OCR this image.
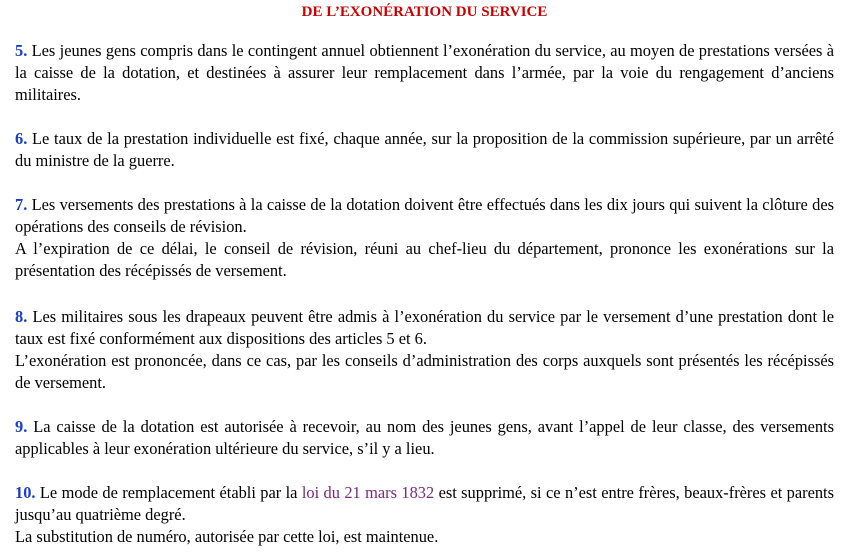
DE L’EXONÉRATION DU SERVICE

5. Les jeunes gens compris dans le contingent annuel obtiennent l’exonération du service, au moyen de prestations versées à la caisse de la dotation, et destinées à assurer leur remplacement dans l’armée, par la voie du rengagement d’anciens militaires.

6. Le taux de la prestation individuelle est fixé, chaque année, sur la proposition de la commission supérieure, par un arrêté du ministre de la guerre.

7. Les versements des prestations à la caisse de la dotation doivent être effectués dans les dix jours qui suivent la clôture des opérations des conseils de révision.

A l’expiration de ce délai, le conseil de révision, réuni au chef-lieu du département, prononce les exonérations sur la présentation des récépissés de versement.

8. Les militaires sous les drapeaux peuvent être admis à l’exonération du service par le versement d’une prestation dont le taux est fixé conformément aux dispositions des articles 5 et 6.

L’exonération est prononcée, dans ce cas, par les conseils d’administration des corps auxquels sont présentés les récépissés de versement.

9. La caisse de la dotation est autorisée à recevoir, au nom des jeunes gens, avant l’appel de leur classe, des versements applicables à leur exonération ultérieure du service, s’il y a lieu.

10. Le mode de remplacement établi par la loi du 21 mars 1832 est supprimé, si ce n’est entre frères, beaux-frères et parents jusqu’au quatrième degré.

La substitution de numéro, autorisée par cette loi, est maintenue.
